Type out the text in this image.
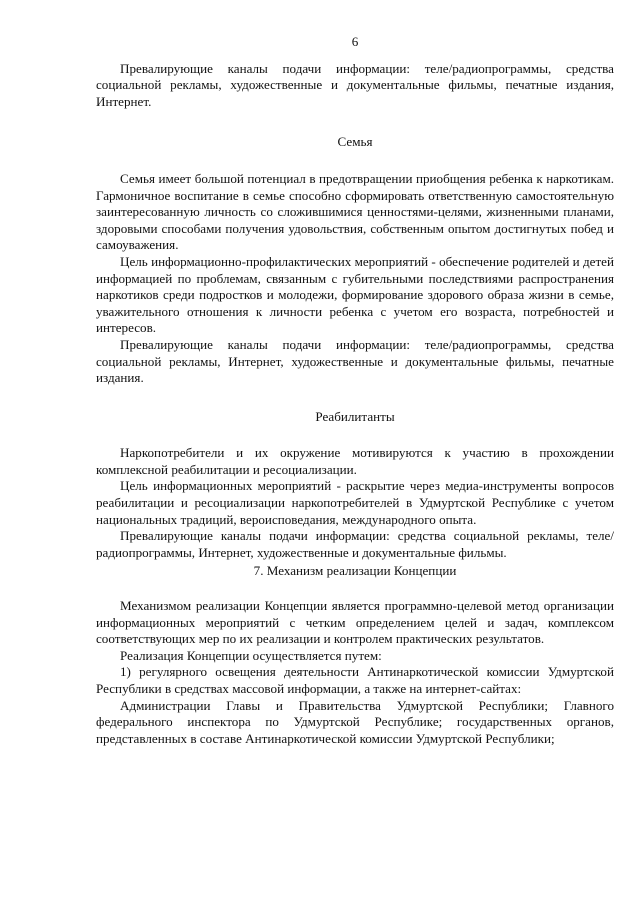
6

Превалирующие каналы подачи информации: теле/радиопрограммы, средства социальной рекламы, художественные и документальные фильмы, печатные издания, Интернет.

Семья

Семья имеет большой потенциал в предотвращении приобщения ребенка к наркотикам. Гармоничное воспитание в семье способно сформировать ответственную самостоятельную заинтересованную личность со сложившимися ценностями-целями, жизненными планами, здоровыми способами получения удовольствия, собственным опытом достигнутых побед и самоуважения.

Цель информационно-профилактических мероприятий - обеспечение родителей и детей информацией по проблемам, связанным с губительными последствиями распространения наркотиков среди подростков и молодежи, формирование здорового образа жизни в семье, уважительного отношения к личности ребенка с учетом его возраста, потребностей и интересов.

Превалирующие каналы подачи информации: теле/радиопрограммы, средства социальной рекламы, Интернет, художественные и документальные фильмы, печатные издания.

Реабилитанты

Наркопотребители и их окружение мотивируются к участию в прохождении комплексной реабилитации и ресоциализации.

Цель информационных мероприятий - раскрытие через медиа-инструменты вопросов реабилитации и ресоциализации наркопотребителей в Удмуртской Республике с учетом национальных традиций, вероисповедания, международного опыта.

Превалирующие каналы подачи информации: средства социальной рекламы, теле/радиопрограммы, Интернет, художественные и документальные фильмы.

7. Механизм реализации Концепции

Механизмом реализации Концепции является программно-целевой метод организации информационных мероприятий с четким определением целей и задач, комплексом соответствующих мер по их реализации и контролем практических результатов.

Реализация Концепции осуществляется путем:

1) регулярного освещения деятельности Антинаркотической комиссии Удмуртской Республики в средствах массовой информации, а также на интернет-сайтах:

Администрации Главы и Правительства Удмуртской Республики; Главного федерального инспектора по Удмуртской Республике; государственных органов, представленных в составе Антинаркотической комиссии Удмуртской Республики;
